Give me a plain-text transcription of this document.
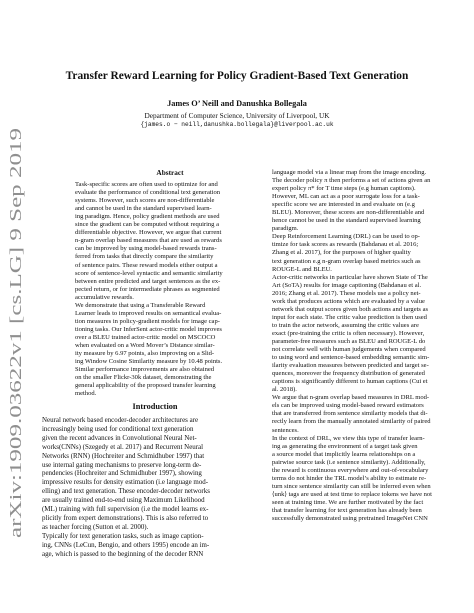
Transfer Reward Learning for Policy Gradient-Based Text Generation
James O’ Neill and Danushka Bollegala
Department of Computer Science, University of Liverpool, UK
{james.o − neill,danushka.bollegala}@liverpool.ac.uk
arXiv:1909.03622v1 [cs.LG] 9 Sep 2019
Abstract

Task-specific scores are often used to optimize for and

evaluate the performance of conditional text generation

systems. However, such scores are non-differentiable

and cannot be used in the standard supervised learn-

ing paradigm. Hence, policy gradient methods are used

since the gradient can be computed without requiring a

differentiable objective. However, we argue that current

n-gram overlap based measures that are used as rewards

can be improved by using model-based rewards trans-

ferred from tasks that directly compare the similarity

of sentence pairs. These reward models either output a

score of sentence-level syntactic and semantic similarity

between entire predicted and target sentences as the ex-

pected return, or for intermediate phrases as segmented

accumulative rewards.

We demonstrate that using a Transferable Reward

Learner leads to improved results on semantical evalua-

tion measures in policy-gradient models for image cap-

tioning tasks. Our InferSent actor-critic model improves

over a BLEU trained actor-critic model on MSCOCO

when evaluated on a Word Mover’s Distance similar-

ity measure by 6.97 points, also improving on a Slid-

ing Window Cosine Similarity measure by 10.48 points.

Similar performance improvements are also obtained

on the smaller Flickr-30k dataset, demonstrating the

general applicability of the proposed transfer learning

method.

Introduction

Neural network based encoder-decoder architectures are

increasingly being used for conditional text generation

given the recent advances in Convolutional Neural Net-

works(CNNs) (Szegedy et al. 2017) and Recurrent Neural

Networks (RNN) (Hochreiter and Schmidhuber 1997) that

use internal gating mechanisms to preserve long-term de-

pendencies (Hochreiter and Schmidhuber 1997), showing

impressive results for density estimation (i.e language mod-

elling) and text generation. These encoder-decoder networks

are usually trained end-to-end using Maximum Likelihood

(ML) training with full supervision (i.e the model learns ex-

plicitly from expert demonstrations). This is also referred to

as teacher forcing (Sutton et al. 2000).

Typically for text generation tasks, such as image caption-

ing, CNNs (LeCun, Bengio, and others 1995) encode an im-

age, which is passed to the beginning of the decoder RNN

language model via a linear map from the image encoding.

The decoder policy π then performs a set of actions given an

expert policy π* for T time steps (e.g human captions).

However, ML can act as a poor surrogate loss for a task-

specific score we are interested in and evaluate on (e.g

BLEU). Moreover, these scores are non-differentiable and

hence cannot be used in the standard supervised learning

paradigm.

Deep Reinforcement Learning (DRL) can be used to op-

timize for task scores as rewards (Bahdanau et al. 2016;

Zhang et al. 2017), for the purposes of higher quality

text generation e.g n-gram overlap based metrics such as

ROUGE-L and BLEU.

Actor-critic networks in particular have shown State of The

Art (SoTA) results for image captioning (Bahdanau et al.

2016; Zhang et al. 2017). These models use a policy net-

work that produces actions which are evaluated by a value

network that output scores given both actions and targets as

input for each state. The critic value prediction is then used

to train the actor network, assuming the critic values are

exact (pre-training the critic is often necessary). However,

parameter-free measures such as BLEU and ROUGE-L do

not correlate well with human judgements when compared

to using word and sentence-based embedding semantic sim-

ilarity evaluation measures between predicted and target se-

quences, moreover the frequency distribution of generated

captions is significantly different to human captions (Cui et

al. 2018).

We argue that n-gram overlap based measures in DRL mod-

els can be improved using model-based reward estimators

that are transferred from sentence similarity models that di-

rectly learn from the manually annotated similarity of paired

sentences.

In the context of DRL, we view this type of transfer learn-

ing as generating the environment of a target task given

a source model that implicitly learns relationships on a

pairwise source task (i.e sentence similarity). Additionally,

the reward is continuous everywhere and out-of-vocabulary

terms do not hinder the TRL model’s ability to estimate re-

turn since sentence similarity can still be inferred even when

⟨unk⟩ tags are used at test time to replace tokens we have not

seen at training time. We are further motivated by the fact

that transfer learning for text generation has already been

successfully demonstrated using pretrained ImageNet CNN
